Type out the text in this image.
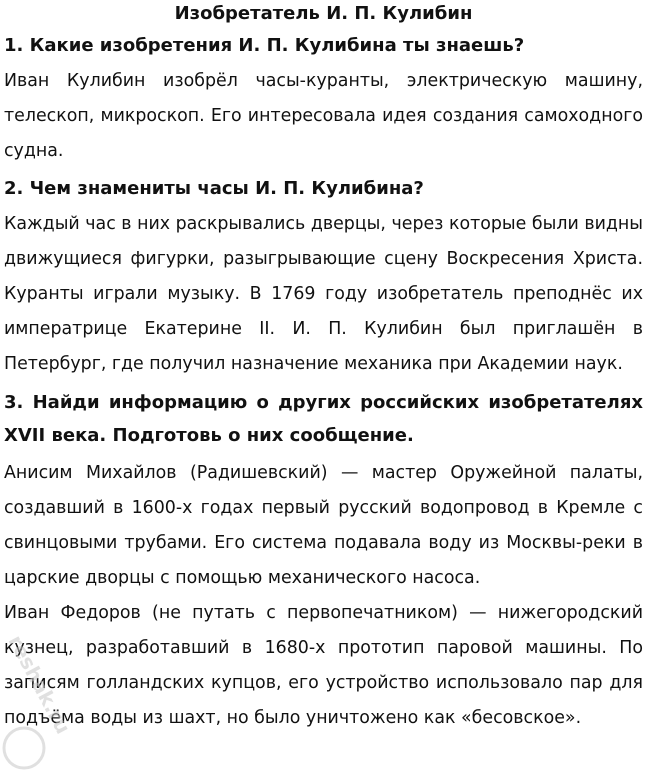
Изобретатель И. П. Кулибин
1. Какие изобретения И. П. Кулибина ты знаешь?

Иван Кулибин изобрёл часы-куранты, электрическую машину, телескоп, микроскоп. Его интересовала идея создания самоходного судна.

2. Чем знамениты часы И. П. Кулибина?

Каждый час в них раскрывались дверцы, через которые были видны движущиеся фигурки, разыгрывающие сцену Воскресения Христа. Куранты играли музыку. В 1769 году изобретатель преподнёс их императрице Екатерине II. И. П. Кулибин был приглашён в Петербург, где получил назначение механика при Академии наук.

3. Найди информацию о других российских изобретателях XVII века. Подготовь о них сообщение.

Анисим Михайлов (Радишевский) — мастер Оружейной палаты, создавший в 1600-х годах первый русский водопровод в Кремле с свинцовыми трубами. Его система подавала воду из Москвы-реки в царские дворцы с помощью механического насоса.

Иван Федоров (не путать с первопечатником) — нижегородский кузнец, разработавший в 1680-х прототип паровой машины. По записям голландских купцов, его устройство использовало пар для подъёма воды из шахт, но было уничтожено как «бесовское».

reshak.ru
